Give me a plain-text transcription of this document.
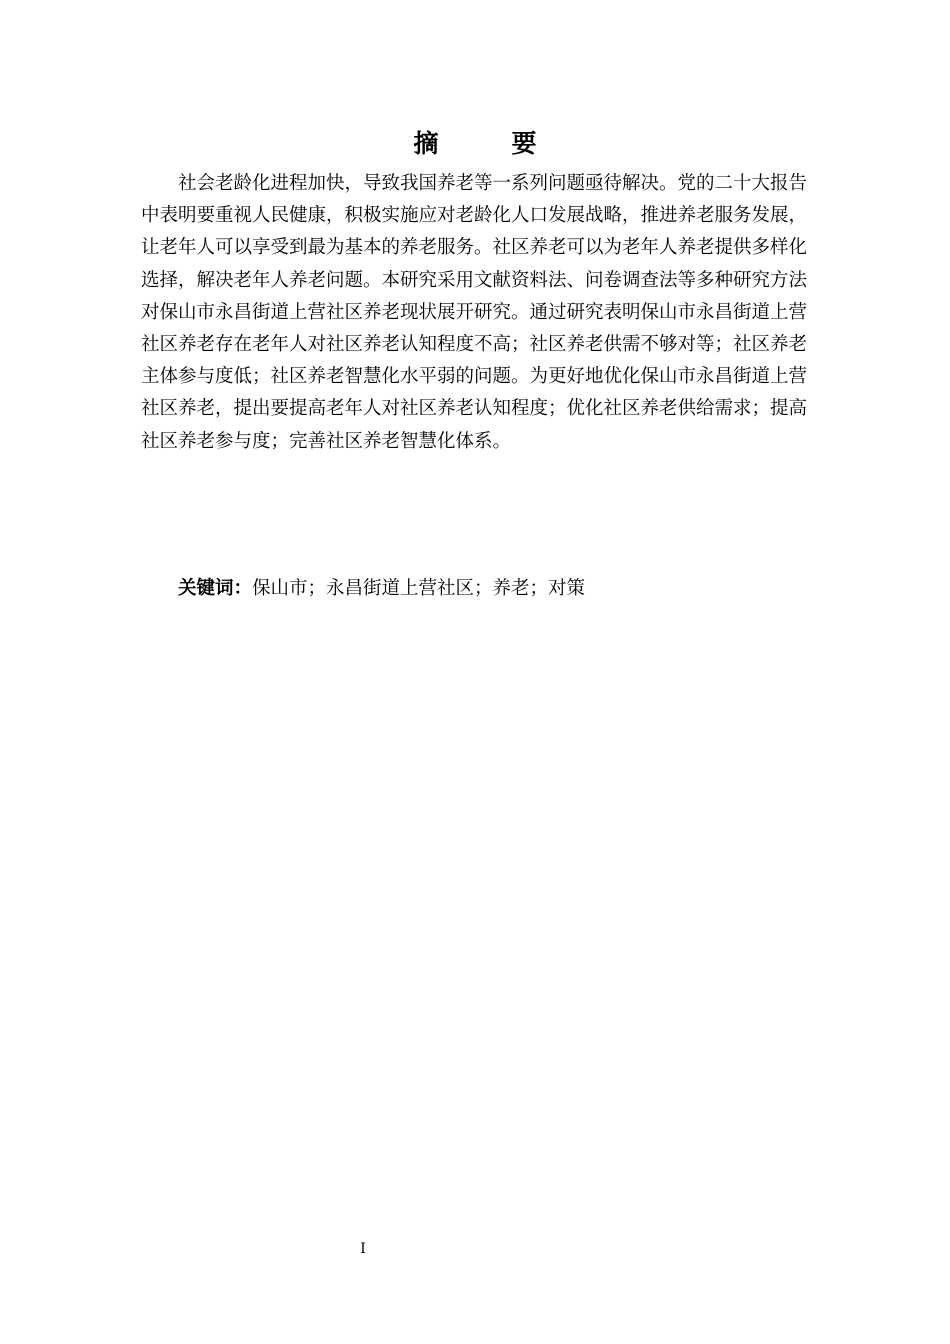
摘　要

社会老龄化进程加快，导致我国养老等一系列问题亟待解决。党的二十大报告中表明要重视人民健康，积极实施应对老龄化人口发展战略，推进养老服务发展，让老年人可以享受到最为基本的养老服务。社区养老可以为老年人养老提供多样化选择，解决老年人养老问题。本研究采用文献资料法、问卷调查法等多种研究方法对保山市永昌街道上营社区养老现状展开研究。通过研究表明保山市永昌街道上营社区养老存在老年人对社区养老认知程度不高；社区养老供需不够对等；社区养老主体参与度低；社区养老智慧化水平弱的问题。为更好地优化保山市永昌街道上营社区养老，提出要提高老年人对社区养老认知程度；优化社区养老供给需求；提高社区养老参与度；完善社区养老智慧化体系。

关键词：保山市；永昌街道上营社区；养老；对策
I
